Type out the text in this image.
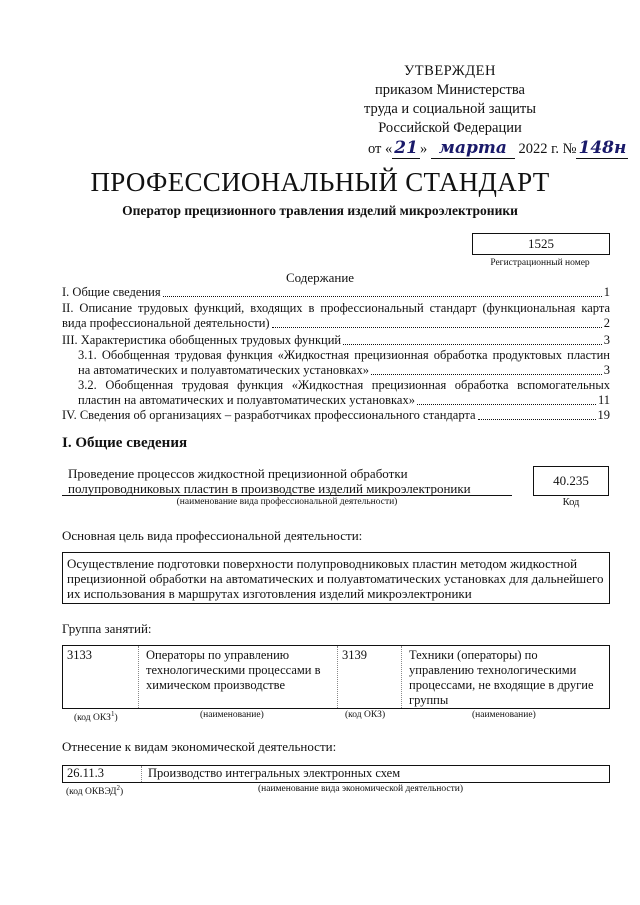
УТВЕРЖДЕН
приказом Министерства
труда и социальной защиты
Российской Федерации
от « 21 » марта 2022 г. № 148н
ПРОФЕССИОНАЛЬНЫЙ СТАНДАРТ
Оператор прецизионного травления изделий микроэлектроники
1525
Регистрационный номер
Содержание
I. Общие сведения	1
II. Описание трудовых функций, входящих в профессиональный стандарт (функциональная карта
вида профессиональной деятельности)	2
III. Характеристика обобщенных трудовых функций	3
3.1. Обобщенная трудовая функция «Жидкостная прецизионная обработка продуктовых пластин
на автоматических и полуавтоматических установках»	3
3.2. Обобщенная трудовая функция «Жидкостная прецизионная обработка вспомогательных
пластин на автоматических и полуавтоматических установках»	11
IV. Сведения об организациях – разработчиках профессионального стандарта	19
I. Общие сведения
Проведение процессов жидкостной прецизионной обработки
полупроводниковых пластин в производстве изделий микроэлектроники
(наименование вида профессиональной деятельности)
40.235
Код
Основная цель вида профессиональной деятельности:
Осуществление подготовки поверхности полупроводниковых пластин методом жидкостной
прецизионной обработки на автоматических и полуавтоматических установках для дальнейшего
их использования в маршрутах изготовления изделий микроэлектроники
Группа занятий:
3133	Операторы по управлению
технологическими процессами в
химическом производстве
3139	Техники (операторы) по
управлению технологическими
процессами, не входящие в другие
группы
(код ОКЗ$^1$)	(наименование)	(код ОКЗ)	(наименование)
Отнесение к видам экономической деятельности:
26.11.3	Производство интегральных электронных схем
(код ОКВЭД$^2$)	(наименование вида экономической деятельности)
